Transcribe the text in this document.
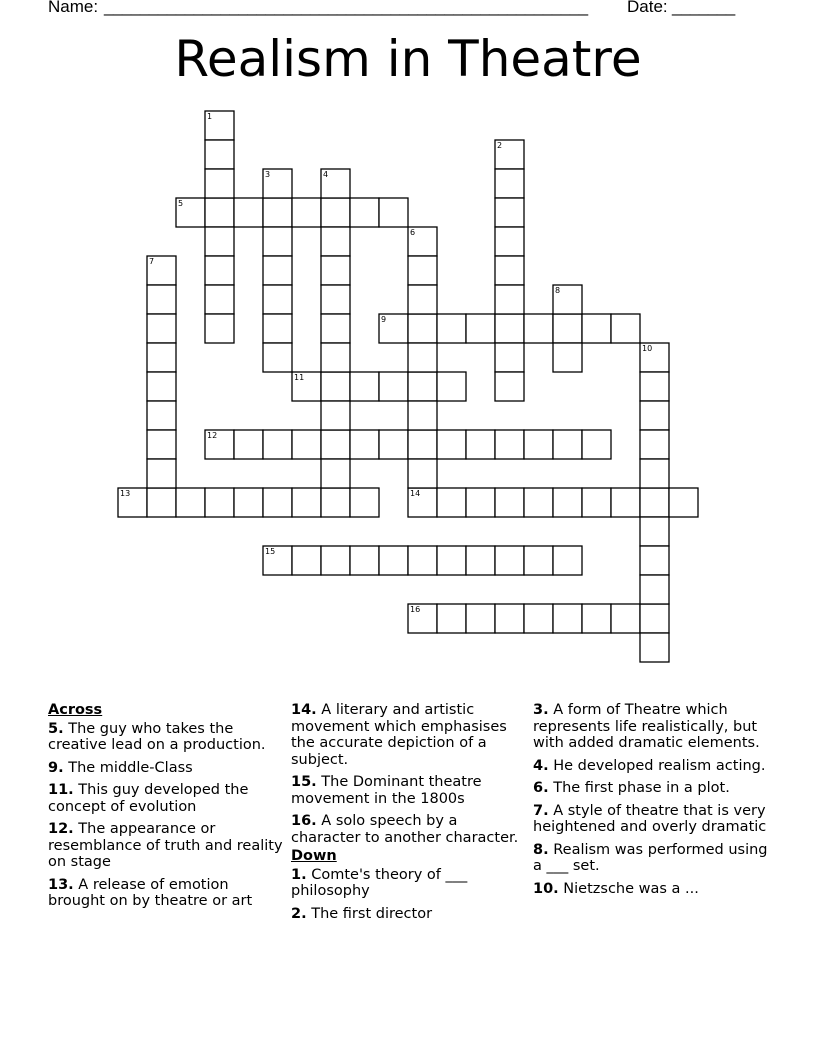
Name: ______________________________________________________ Date: _______
Realism in Theatre
5
9
11
12
13	14
15
16
1
2
3	4
6
7
8
10
Across
5. The guy who takes the creative lead on a production.
9. The middle-Class
11. This guy developed the concept of evolution
12. The appearance or resemblance of truth and reality on stage
13. A release of emotion brought on by theatre or art
14. A literary and artistic movement which emphasises the accurate depiction of a subject.
15. The Dominant theatre movement in the 1800s
16. A solo speech by a character to another character.
Down
1. Comte's theory of ___ philosophy
2. The first director
3. A form of Theatre which represents life realistically, but with added dramatic elements.
4. He developed realism acting.
6. The first phase in a plot.
7. A style of theatre that is very heightened and overly dramatic
8. Realism was performed using a ___ set.
10. Nietzsche was a ...
